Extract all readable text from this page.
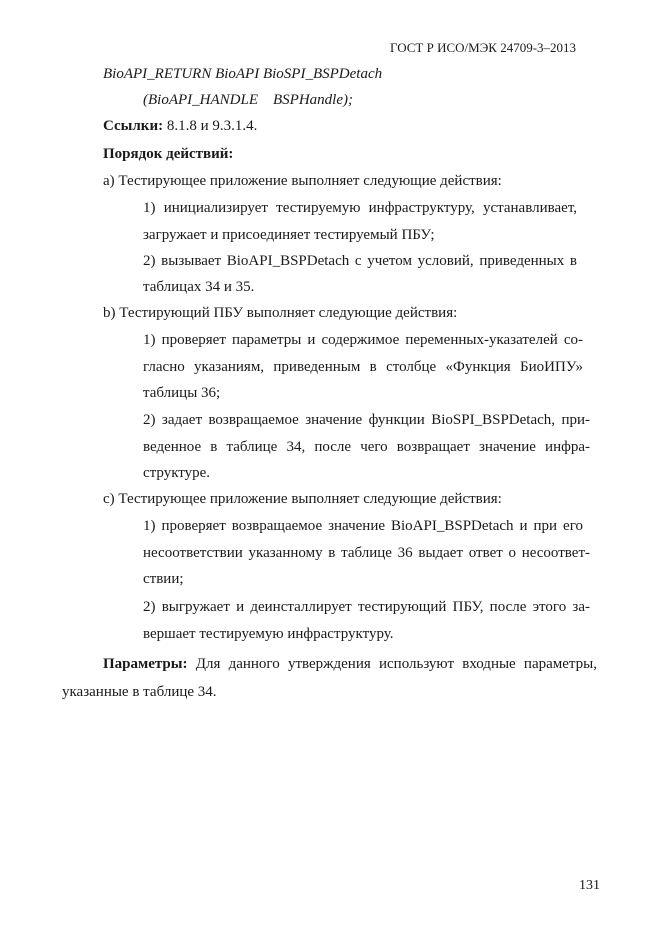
ГОСТ Р ИСО/МЭК 24709-3–2013
BioAPI_RETURN BioAPI BioSPI_BSPDetach
(BioAPI_HANDLE BSPHandle);
Ссылки: 8.1.8 и 9.3.1.4.
Порядок действий:
a) Тестирующее приложение выполняет следующие действия:
1) инициализирует тестируемую инфраструктуру, устанавливает,
загружает и присоединяет тестируемый ПБУ;
2) вызывает BioAPI_BSPDetach с учетом условий, приведенных в
таблицах 34 и 35.
b) Тестирующий ПБУ выполняет следующие действия:
1) проверяет параметры и содержимое переменных-указателей со-
гласно указаниям, приведенным в столбце «Функция БиоИПУ»
таблицы 36;
2) задает возвращаемое значение функции BioSPI_BSPDetach, при-
веденное в таблице 34, после чего возвращает значение инфра-
структуре.
c) Тестирующее приложение выполняет следующие действия:
1) проверяет возвращаемое значение BioAPI_BSPDetach и при его
несоответствии указанному в таблице 36 выдает ответ о несоответ-
ствии;
2) выгружает и деинсталлирует тестирующий ПБУ, после этого за-
вершает тестируемую инфраструктуру.
Параметры: Для данного утверждения используют входные параметры,
указанные в таблице 34.
131
